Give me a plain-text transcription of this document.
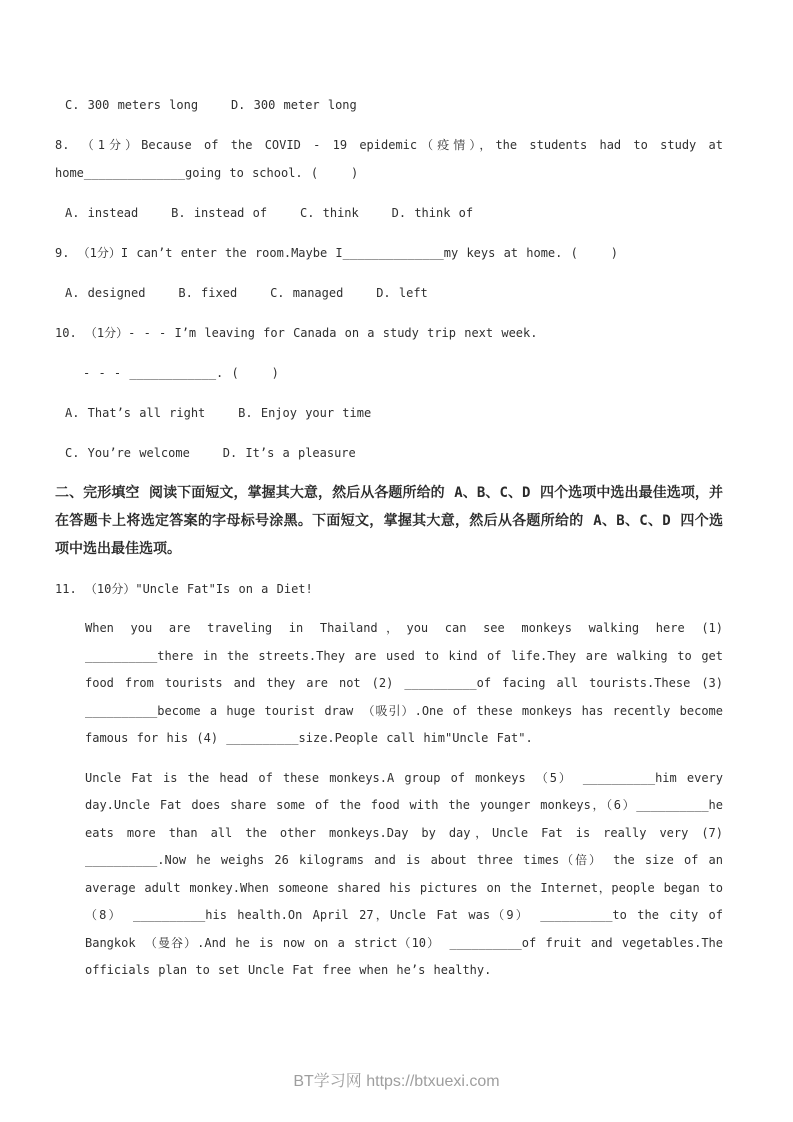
C. 300 meters long    D. 300 meter long

8. （1分）Because of the COVID - 19 epidemic（疫情），the students had to study at home______________going to school. (    )

A. instead    B. instead of    C. think    D. think of

9. （1分）I can’t enter the room.Maybe I______________my keys at home. (    )

A. designed    B. fixed    C. managed    D. left

10. （1分）- - - I’m leaving for Canada on a study trip next week.

- - - ____________. (    )

A. That’s all right    B. Enjoy your time

C. You’re welcome    D. It’s a pleasure

二、完形填空 阅读下面短文，掌握其大意，然后从各题所给的 A、B、C、D 四个选项中选出最佳选项，并在答题卡上将选定答案的字母标号涂黑。下面短文，掌握其大意，然后从各题所给的 A、B、C、D 四个选项中选出最佳选项。

11. （10分）"Uncle Fat"Is on a Diet!

When you are traveling in Thailand，you can see monkeys walking here (1) __________there in the streets.They are used to kind of life.They are walking to get food from tourists and they are not (2) __________of facing all tourists.These (3) __________become a huge tourist draw （吸引）.One of these monkeys has recently become famous for his (4) __________size.People call him"Uncle Fat".

Uncle Fat is the head of these monkeys.A group of monkeys （5） __________him every day.Uncle Fat does share some of the food with the younger monkeys，（6）__________he eats more than all the other monkeys.Day by day，Uncle Fat is really very (7) __________.Now he weighs 26 kilograms and is about three times（倍） the size of an average adult monkey.When someone shared his pictures on the Internet，people began to （8） __________his health.On April 27，Uncle Fat was（9） __________to the city of Bangkok （曼谷）.And he is now on a strict（10） __________of fruit and vegetables.The officials plan to set Uncle Fat free when he’s healthy.

BT学习网 https://btxuexi.com
